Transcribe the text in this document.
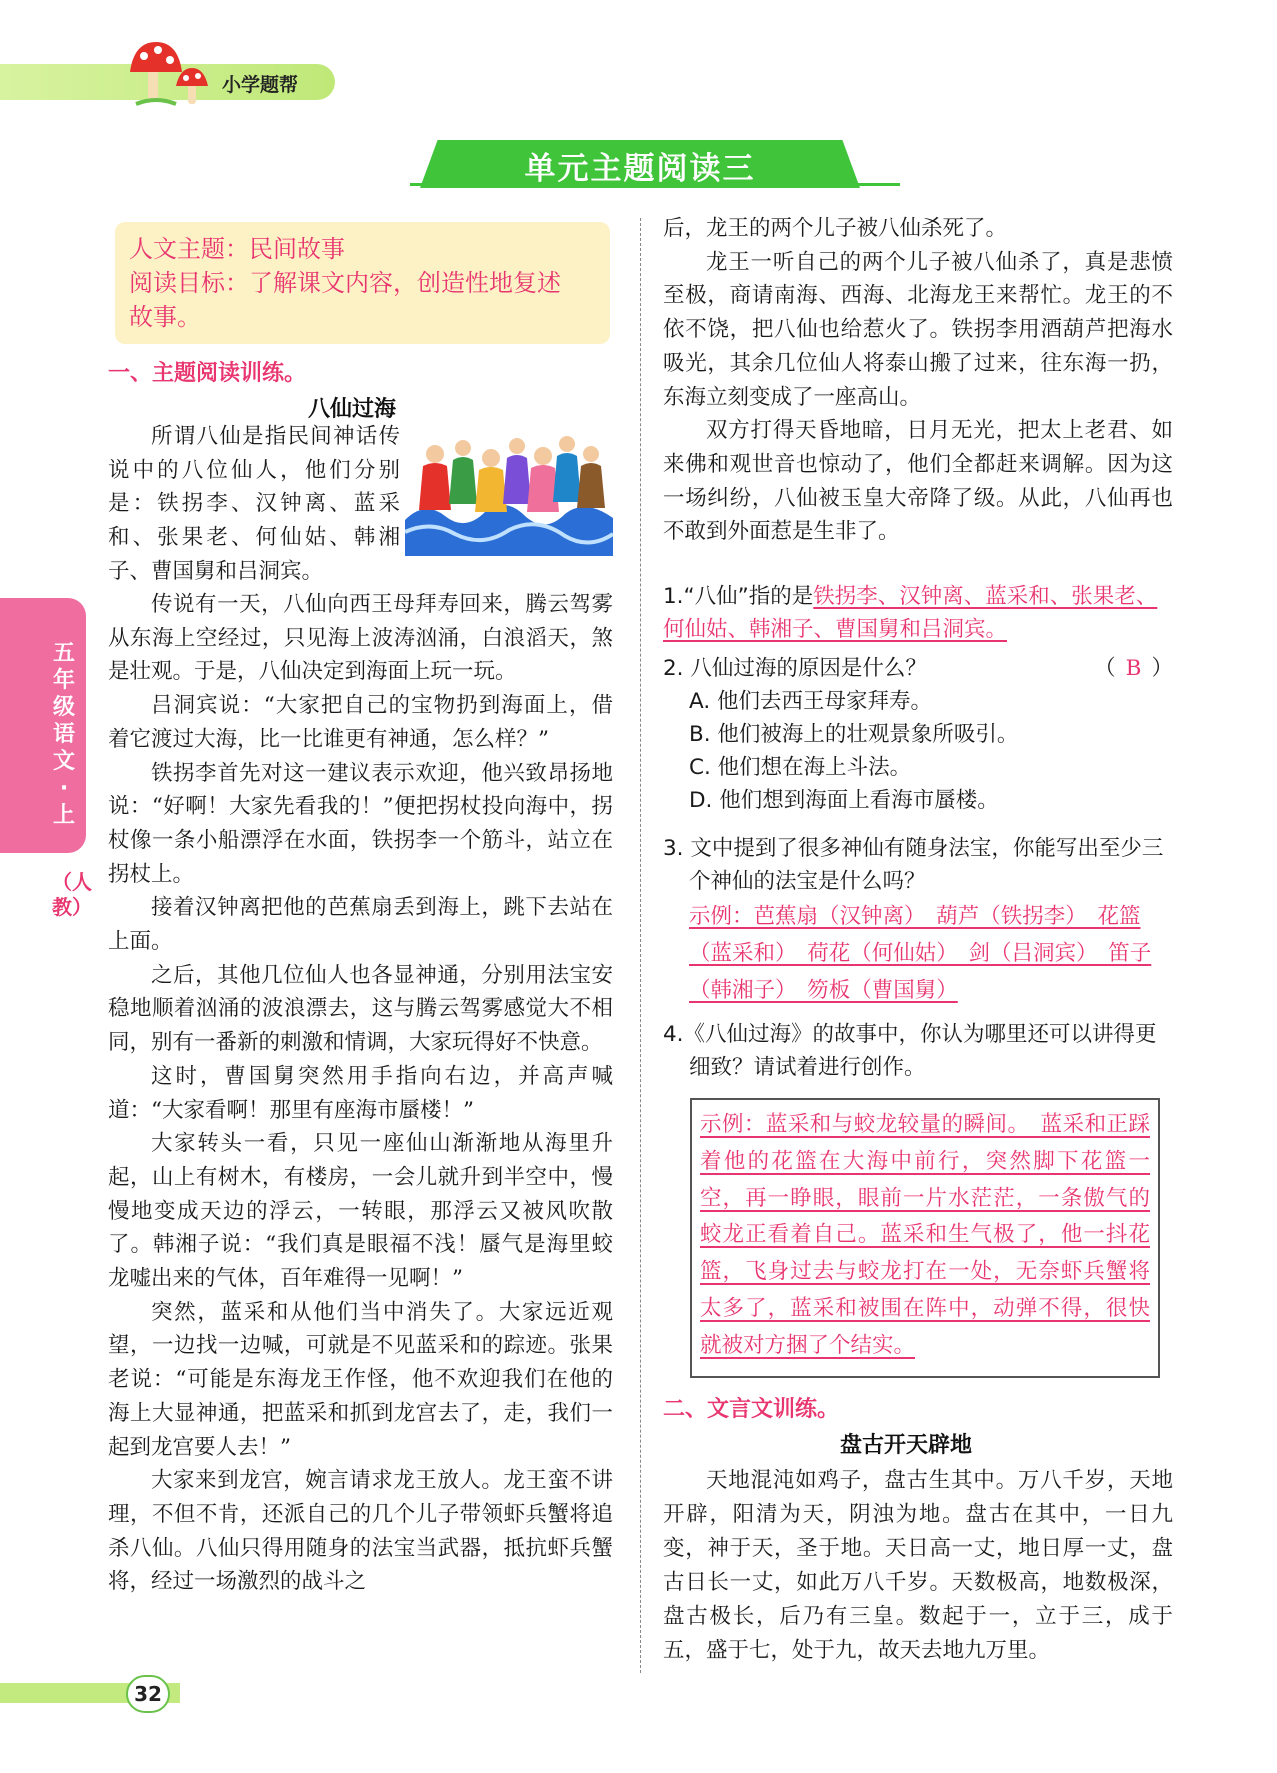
小学题帮
单元主题阅读三
人文主题：民间故事
阅读目标：了解课文内容，创造性地复述
故事。
五年级语文·上
（人教）
一、主题阅读训练。
八仙过海

所谓八仙是指民间神话传说中的八位仙人，他们分别是：铁拐李、汉钟离、蓝采和、张果老、何仙姑、韩湘子、曹国舅和吕洞宾。

传说有一天，八仙向西王母拜寿回来，腾云驾雾从东海上空经过，只见海上波涛汹涌，白浪滔天，煞是壮观。于是，八仙决定到海面上玩一玩。

吕洞宾说：“大家把自己的宝物扔到海面上，借着它渡过大海，比一比谁更有神通，怎么样？”

铁拐李首先对这一建议表示欢迎，他兴致昂扬地说：“好啊！大家先看我的！”便把拐杖投向海中，拐杖像一条小船漂浮在水面，铁拐李一个筋斗，站立在拐杖上。

接着汉钟离把他的芭蕉扇丢到海上，跳下去站在上面。

之后，其他几位仙人也各显神通，分别用法宝安稳地顺着汹涌的波浪漂去，这与腾云驾雾感觉大不相同，别有一番新的刺激和情调，大家玩得好不快意。

这时，曹国舅突然用手指向右边，并高声喊道：“大家看啊！那里有座海市蜃楼！”

大家转头一看，只见一座仙山渐渐地从海里升起，山上有树木，有楼房，一会儿就升到半空中，慢慢地变成天边的浮云，一转眼，那浮云又被风吹散了。韩湘子说：“我们真是眼福不浅！蜃气是海里蛟龙嘘出来的气体，百年难得一见啊！”

突然，蓝采和从他们当中消失了。大家远近观望，一边找一边喊，可就是不见蓝采和的踪迹。张果老说：“可能是东海龙王作怪，他不欢迎我们在他的海上大显神通，把蓝采和抓到龙宫去了，走，我们一起到龙宫要人去！”

大家来到龙宫，婉言请求龙王放人。龙王蛮不讲理，不但不肯，还派自己的几个儿子带领虾兵蟹将追杀八仙。八仙只得用随身的法宝当武器，抵抗虾兵蟹将，经过一场激烈的战斗之

后，龙王的两个儿子被八仙杀死了。

龙王一听自己的两个儿子被八仙杀了，真是悲愤至极，商请南海、西海、北海龙王来帮忙。龙王的不依不饶，把八仙也给惹火了。铁拐李用酒葫芦把海水吸光，其余几位仙人将泰山搬了过来，往东海一扔，东海立刻变成了一座高山。

双方打得天昏地暗，日月无光，把太上老君、如来佛和观世音也惊动了，他们全都赶来调解。因为这一场纠纷，八仙被玉皇大帝降了级。从此，八仙再也不敢到外面惹是生非了。

1.“八仙”指的是铁拐李、汉钟离、蓝采和、张果老、何仙姑、韩湘子、曹国舅和吕洞宾。
2. 八仙过海的原因是什么？	（ B ）
A. 他们去西王母家拜寿。
B. 他们被海上的壮观景象所吸引。
C. 他们想在海上斗法。
D. 他们想到海面上看海市蜃楼。
3. 文中提到了很多神仙有随身法宝，你能写出至少三个神仙的法宝是什么吗？
示例：芭蕉扇（汉钟离）　葫芦（铁拐李）　花篮（蓝采和）　荷花（何仙姑）　剑（吕洞宾）　笛子（韩湘子）　笏板（曹国舅）
4.《八仙过海》的故事中，你认为哪里还可以讲得更细致？请试着进行创作。
示例：蓝采和与蛟龙较量的瞬间。　蓝采和正踩着他的花篮在大海中前行，突然脚下花篮一空，再一睁眼，眼前一片水茫茫，一条傲气的蛟龙正看着自己。蓝采和生气极了，他一抖花篮，飞身过去与蛟龙打在一处，无奈虾兵蟹将太多了，蓝采和被围在阵中，动弹不得，很快就被对方捆了个结实。
二、文言文训练。
盘古开天辟地

天地混沌如鸡子，盘古生其中。万八千岁，天地开辟，阳清为天，阴浊为地。盘古在其中，一日九变，神于天，圣于地。天日高一丈，地日厚一丈，盘古日长一丈，如此万八千岁。天数极高，地数极深，盘古极长，后乃有三皇。数起于一，立于三，成于五，盛于七，处于九，故天去地九万里。

32
